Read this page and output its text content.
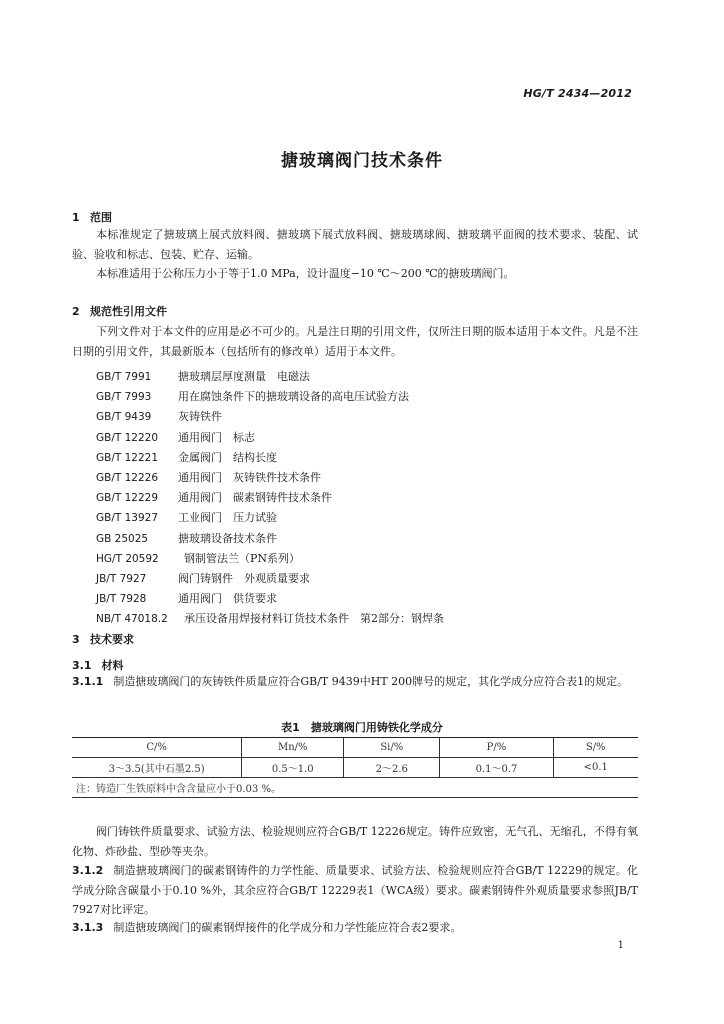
HG/T 2434—2012
搪玻璃阀门技术条件
1 范围

本标准规定了搪玻璃上展式放料阀、搪玻璃下展式放料阀、搪玻璃球阀、搪玻璃平面阀的技术要求、装配、试验、验收和标志、包装、贮存、运输。

本标准适用于公称压力小于等于1.0 MPa，设计温度−10 ℃～200 ℃的搪玻璃阀门。

2 规范性引用文件

下列文件对于本文件的应用是必不可少的。凡是注日期的引用文件，仅所注日期的版本适用于本文件。凡是不注日期的引用文件，其最新版本（包括所有的修改单）适用于本文件。

GB/T 7991 搪玻璃层厚度测量　电磁法
GB/T 7993 用在腐蚀条件下的搪玻璃设备的高电压试验方法
GB/T 9439 灰铸铁件
GB/T 12220 通用阀门　标志
GB/T 12221 金属阀门　结构长度
GB/T 12226 通用阀门　灰铸铁件技术条件
GB/T 12229 通用阀门　碳素钢铸件技术条件
GB/T 13927 工业阀门　压力试验
GB 25025	搪玻璃设备技术条件
HG/T 20592 钢制管法兰（PN系列）
JB/T 7927	阀门铸钢件　外观质量要求
JB/T 7928	通用阀门　供货要求
NB/T 47018.2 承压设备用焊接材料订货技术条件　第2部分：钢焊条
3 技术要求
3.1 材料

3.1.1 制造搪玻璃阀门的灰铸铁件质量应符合GB/T 9439中HT 200牌号的规定，其化学成分应符合表1的规定。

表1　搪玻璃阀门用铸铁化学成分
C/%	Mn/%	Si/%	P/%	S/%
3～3.5(其中石墨2.5)	0.5～1.0	2～2.6	0.1～0.7	<0.1
注：铸造厂生铁原料中含含量应小于0.03 %。				

阀门铸铁件质量要求、试验方法、检验规则应符合GB/T 12226规定。铸件应致密，无气孔、无缩孔，不得有氧化物、炸砂盐、型砂等夹杂。

3.1.2 制造搪玻璃阀门的碳素钢铸件的力学性能、质量要求、试验方法、检验规则应符合GB/T 12229的规定。化学成分除含碳量小于0.10 %外，其余应符合GB/T 12229表1（WCA级）要求。碳素钢铸件外观质量要求参照JB/T 7927对比评定。

3.1.3 制造搪玻璃阀门的碳素钢焊接件的化学成分和力学性能应符合表2要求。

1
